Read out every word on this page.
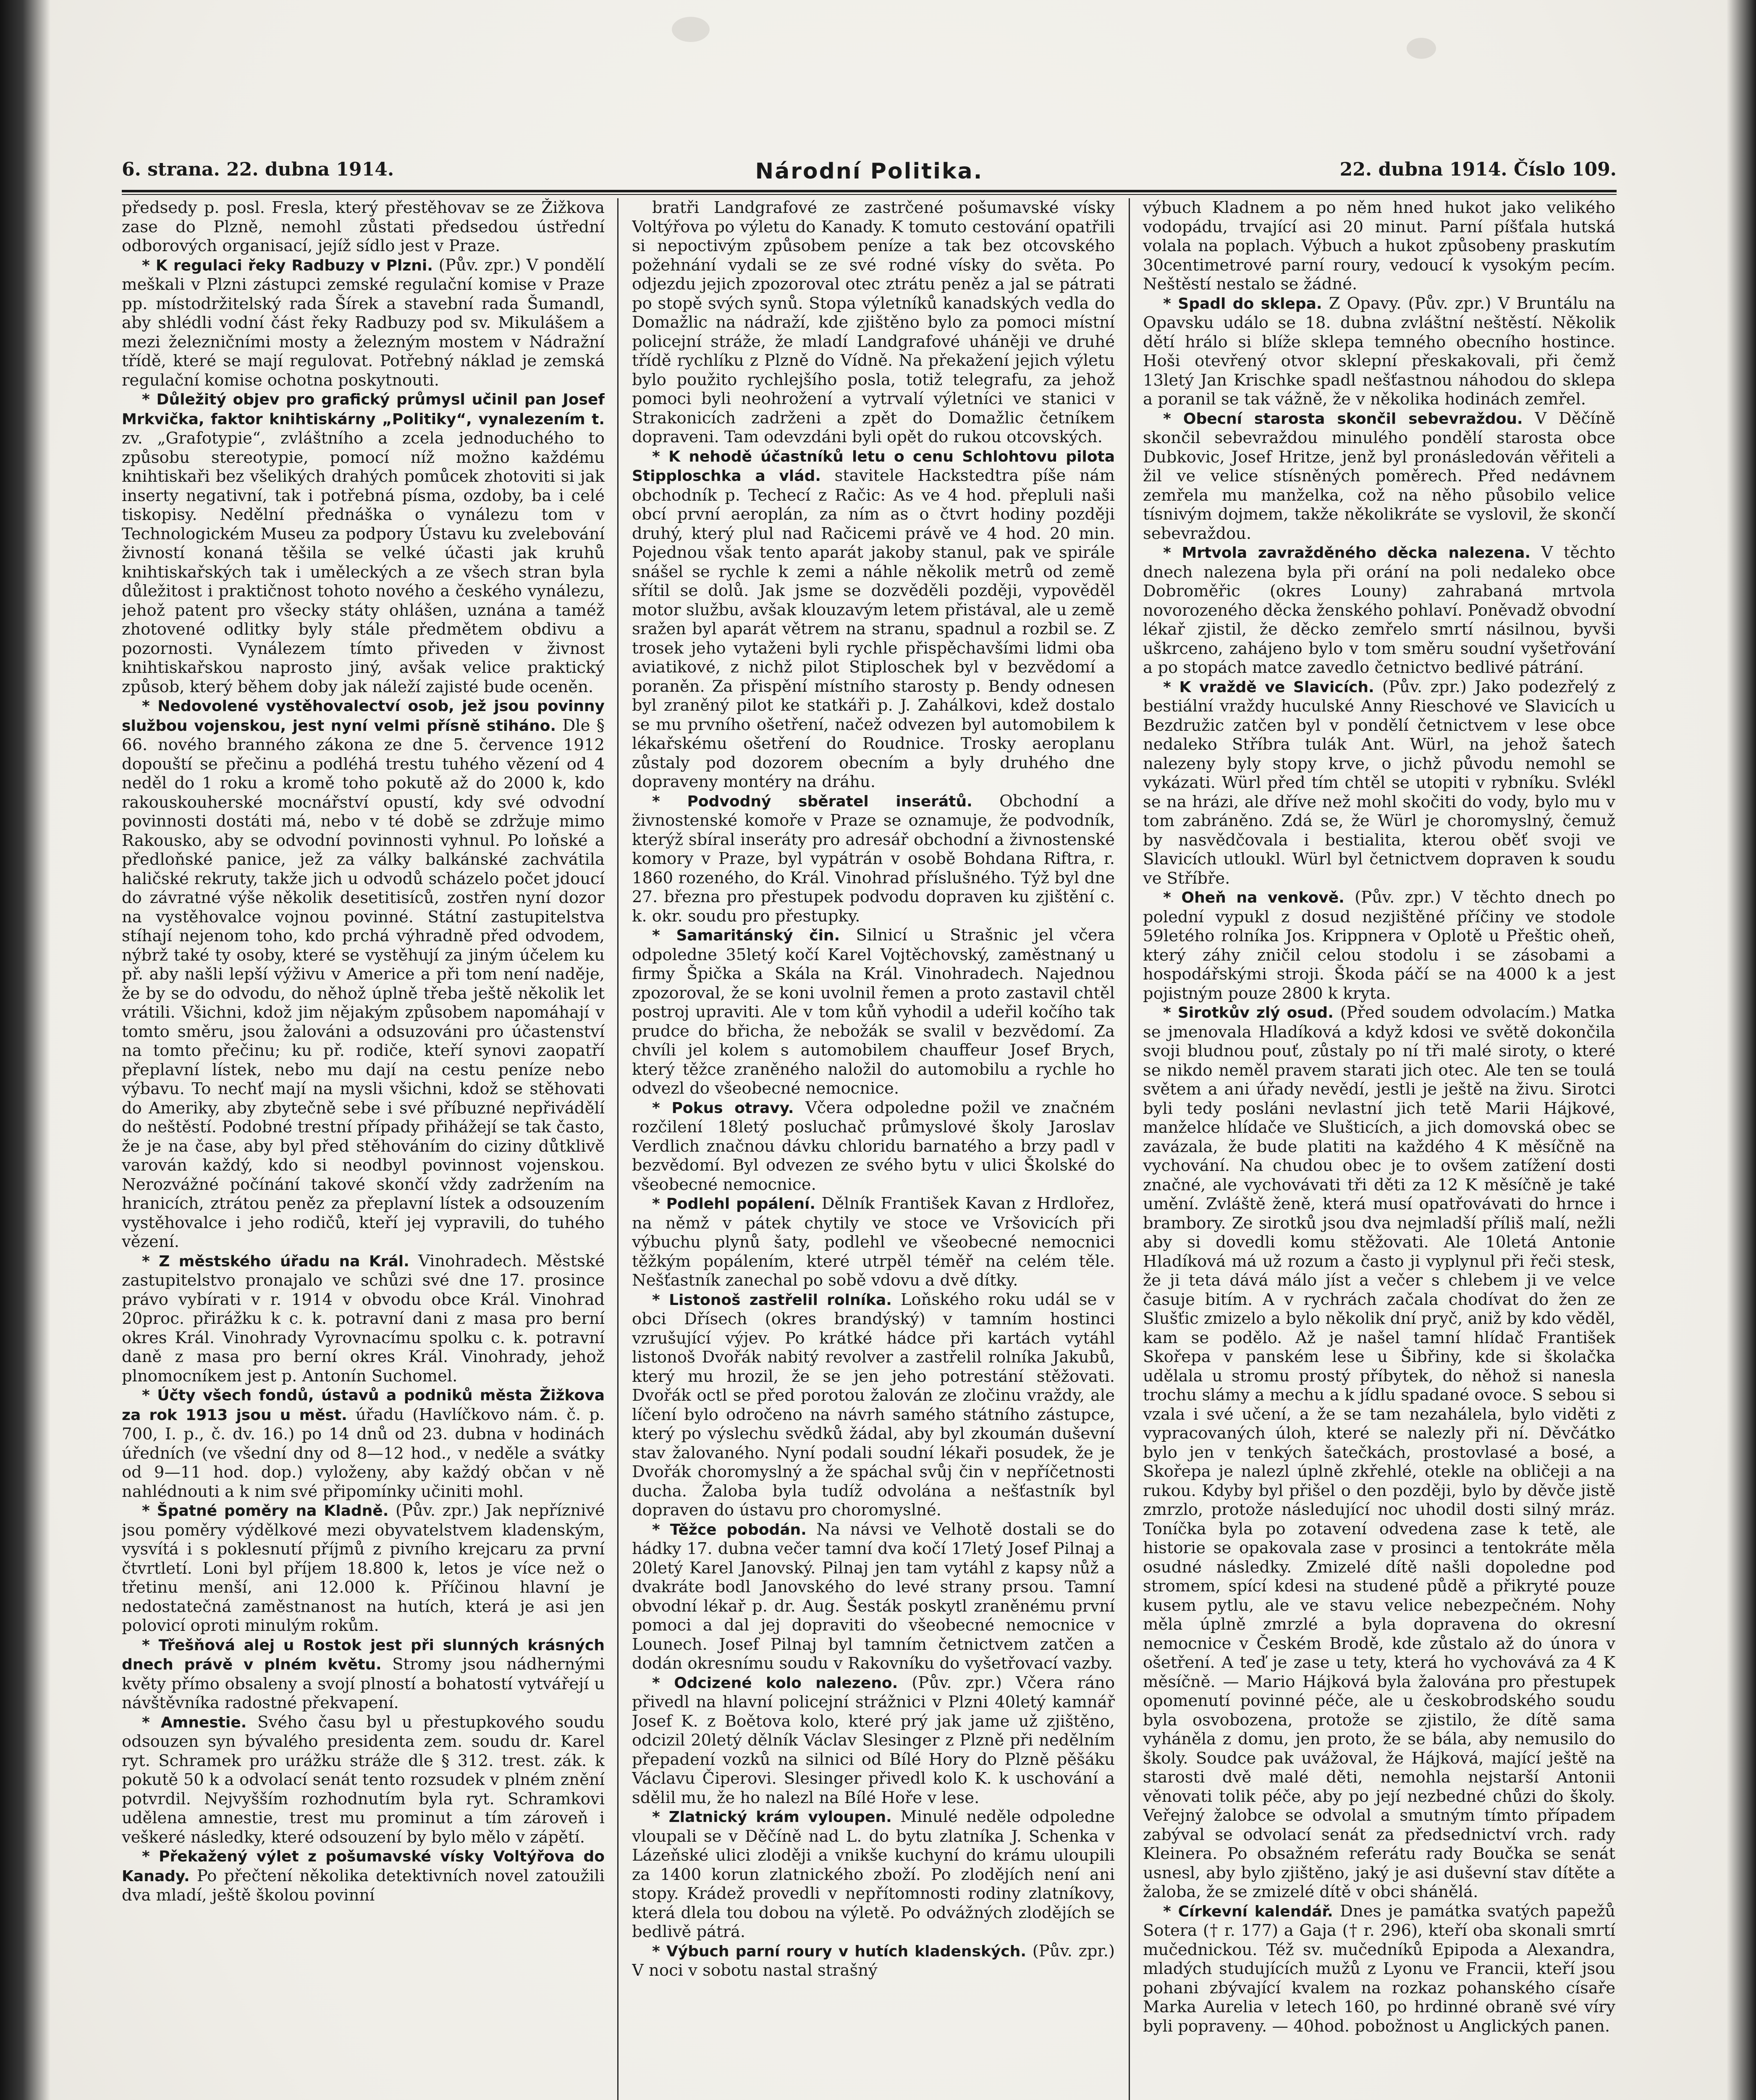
6. strana. 22. dubna 1914.	Národní Politika.	22. dubna 1914. Číslo 109.

předsedy p. posl. Fresla, který přestěhovav se ze Žižkova zase do Plzně, nemohl zůstati předsedou ústřední odborových organisací, jejíž sídlo jest v Praze.

* K regulaci řeky Radbuzy v Plzni. (Pův. zpr.) V pondělí meškali v Plzni zástupci zemské regulační komise v Praze pp. místodržitelský rada Šírek a stavební rada Šumandl, aby shlédli vodní část řeky Radbuzy pod sv. Mikulášem a mezi železničními mosty a železným mostem v Nádražní třídě, které se mají regulovat. Potřebný náklad je zemská regulační komise ochotna poskytnouti.

* Důležitý objev pro grafický průmysl učinil pan Josef Mrkvička, faktor knihtiskárny „Politiky“, vynalezením t. zv. „Grafotypie“, zvláštního a zcela jednoduchého to způsobu stereotypie, pomocí níž možno každému knihtiskaři bez všelikých drahých pomůcek zhotoviti si jak inserty negativní, tak i potřebná písma, ozdoby, ba i celé tiskopisy. Nedělní přednáška o vynálezu tom v Technologickém Museu za podpory Ústavu ku zvelebování živností konaná těšila se velké účasti jak kruhů knihtiskařských tak i uměleckých a ze všech stran byla důležitost i praktičnost tohoto nového a českého vynálezu, jehož patent pro všecky státy ohlášen, uznána a taméž zhotovené odlitky byly stále předmětem obdivu a pozornosti. Vynálezem tímto přiveden v živnost knihtiskařskou naprosto jiný, avšak velice praktický způsob, který během doby jak náleží zajisté bude oceněn.

* Nedovolené vystěhovalectví osob, jež jsou povinny službou vojenskou, jest nyní velmi přísně stiháno. Dle § 66. nového branného zákona ze dne 5. července 1912 dopouští se přečinu a podléhá trestu tuhého vězení od 4 neděl do 1 roku a kromě toho pokutě až do 2000 k, kdo rakouskouherské mocnářství opustí, kdy své odvodní povinnosti dostáti má, nebo v té době se zdržuje mimo Rakousko, aby se odvodní povinnosti vyhnul. Po loňské a předloňské panice, jež za války balkánské zachvátila haličské rekruty, takže jich u odvodů scházelo počet jdoucí do závratné výše několik desetitisíců, zostřen nyní dozor na vystěhovalce vojnou povinné. Státní zastupitelstva stíhají nejenom toho, kdo prchá výhradně před odvodem, nýbrž také ty osoby, které se vystěhují za jiným účelem ku př. aby našli lepší výživu v Americe a při tom není naděje, že by se do odvodu, do něhož úplně třeba ještě několik let vrátili. Všichni, kdož jim nějakým způsobem napomáhají v tomto směru, jsou žalováni a odsuzováni pro účastenství na tomto přečinu; ku př. rodiče, kteří synovi zaopatří přeplavní lístek, nebo mu dají na cestu peníze nebo výbavu. To nechť mají na mysli všichni, kdož se stěhovati do Ameriky, aby zbytečně sebe i své příbuzné nepřivádělí do neštěstí. Podobné trestní případy přihážejí se tak často, že je na čase, aby byl před stěhováním do ciziny důtklivě varován každý, kdo si neodbyl povinnost vojenskou. Nerozvážné počínání takové skončí vždy zadržením na hranicích, ztrátou peněz za přeplavní lístek a odsouzením vystěhovalce i jeho rodičů, kteří jej vypravili, do tuhého vězení.

* Z městského úřadu na Král. Vinohradech. Městské zastupitelstvo pronajalo ve schůzi své dne 17. prosince právo vybírati v r. 1914 v obvodu obce Král. Vinohrad 20proc. přirážku k c. k. potravní dani z masa pro berní okres Král. Vinohrady Vyrovnacímu spolku c. k. potravní daně z masa pro berní okres Král. Vinohrady, jehož plnomocníkem jest p. Antonín Suchomel.

* Účty všech fondů, ústavů a podniků města Žižkova za rok 1913 jsou u měst. úřadu (Havlíčkovo nám. č. p. 700, I. p., č. dv. 16.) po 14 dnů od 23. dubna v hodinách úředních (ve všední dny od 8—12 hod., v neděle a svátky od 9—11 hod. dop.) vyloženy, aby každý občan v ně nahlédnouti a k nim své připomínky učiniti mohl.

* Špatné poměry na Kladně. (Pův. zpr.) Jak nepříznivé jsou poměry výdělkové mezi obyvatelstvem kladenským, vysvítá i s poklesnutí příjmů z pivního krejcaru za první čtvrtletí. Loni byl příjem 18.800 k, letos je více než o třetinu menší, ani 12.000 k. Příčinou hlavní je nedostatečná zaměstnanost na hutích, která je asi jen polovicí oproti minulým rokům.

* Třešňová alej u Rostok jest při slunných krásných dnech právě v plném květu. Stromy jsou nádhernými květy přímo obsaleny a svojí plností a bohatostí vytvářejí u návštěvníka radostné překvapení.

* Amnestie. Svého času byl u přestupkového soudu odsouzen syn bývalého presidenta zem. soudu dr. Karel ryt. Schramek pro urážku stráže dle § 312. trest. zák. k pokutě 50 k a odvolací senát tento rozsudek v plném znění potvrdil. Nejvyšším rozhodnutím byla ryt. Schramkovi udělena amnestie, trest mu prominut a tím zároveň i veškeré následky, které odsouzení by bylo mělo v zápětí.

* Překažený výlet z pošumavské vísky Voltýřova do Kanady. Po přečtení několika detektivních novel zatoužili dva mladí, ještě školou povinní

bratři Landgrafové ze zastrčené pošumavské vísky Voltýřova po výletu do Kanady. K tomuto cestování opatřili si nepoctivým způsobem peníze a tak bez otcovského požehnání vydali se ze své rodné vísky do světa. Po odjezdu jejich zpozoroval otec ztrátu peněz a jal se pátrati po stopě svých synů. Stopa výletníků kanadských vedla do Domažlic na nádraží, kde zjištěno bylo za pomoci místní policejní stráže, že mladí Landgrafové uháněji ve druhé třídě rychlíku z Plzně do Vídně. Na překažení jejich výletu bylo použito rychlejšího posla, totiž telegrafu, za jehož pomoci byli neohrožení a vytrvalí výletníci ve stanici v Strakonicích zadrženi a zpět do Domažlic četníkem dopraveni. Tam odevzdáni byli opět do rukou otcovských.

* K nehodě účastníků letu o cenu Schlohtovu pilota Stipploschka a vlád. stavitele Hackstedtra píše nám obchodník p. Techecí z Račic: As ve 4 hod. přepluli naši obcí první aeroplán, za ním as o čtvrt hodiny později druhý, který plul nad Račicemi právě ve 4 hod. 20 min. Pojednou však tento aparát jakoby stanul, pak ve spirále snášel se rychle k zemi a náhle několik metrů od země sřítil se dolů. Jak jsme se dozvěděli později, vypověděl motor službu, avšak klouzavým letem přistával, ale u země sražen byl aparát větrem na stranu, spadnul a rozbil se. Z trosek jeho vytaženi byli rychle přispěchavšími lidmi oba aviatikové, z nichž pilot Stiploschek byl v bezvědomí a poraněn. Za přispění místního starosty p. Bendy odnesen byl zraněný pilot ke statkáři p. J. Zahálkovi, kdež dostalo se mu prvního ošetření, načež odvezen byl automobilem k lékařskému ošetření do Roudnice. Trosky aeroplanu zůstaly pod dozorem obecním a byly druhého dne dopraveny montéry na dráhu.

* Podvodný sběratel inserátů. Obchodní a živnostenské komoře v Praze se oznamuje, že podvodník, kterýž sbíral inseráty pro adresář obchodní a živnostenské komory v Praze, byl vypátrán v osobě Bohdana Riftra, r. 1860 rozeného, do Král. Vinohrad příslušného. Týž byl dne 27. března pro přestupek podvodu dopraven ku zjištění c. k. okr. soudu pro přestupky.

* Samaritánský čin. Silnicí u Strašnic jel včera odpoledne 35letý kočí Karel Vojtěchovský, zaměstnaný u firmy Špička a Skála na Král. Vinohradech. Najednou zpozoroval, že se koni uvolnil řemen a proto zastavil chtěl postroj upraviti. Ale v tom kůň vyhodil a udeřil kočího tak prudce do břicha, že nebožák se svalil v bezvědomí. Za chvíli jel kolem s automobilem chauffeur Josef Brych, který těžce zraněného naložil do automobilu a rychle ho odvezl do všeobecné nemocnice.

* Pokus otravy. Včera odpoledne požil ve značném rozčilení 18letý posluchač průmyslové školy Jaroslav Verdlich značnou dávku chloridu barnatého a brzy padl v bezvědomí. Byl odvezen ze svého bytu v ulici Školské do všeobecné nemocnice.

* Podlehl popálení. Dělník František Kavan z Hrdlořez, na němž v pátek chytily ve stoce ve Vršovicích při výbuchu plynů šaty, podlehl ve všeobecné nemocnici těžkým popálením, které utrpěl téměř na celém těle. Nešťastník zanechal po sobě vdovu a dvě dítky.

* Listonoš zastřelil rolníka. Loňského roku udál se v obci Dřísech (okres brandýský) v tamním hostinci vzrušující výjev. Po krátké hádce při kartách vytáhl listonoš Dvořák nabitý revolver a zastřelil rolníka Jakubů, který mu hrozil, že se jen jeho potrestání stěžovati. Dvořák octl se před porotou žalován ze zločinu vraždy, ale líčení bylo odročeno na návrh samého státního zástupce, který po výslechu svědků žádal, aby byl zkoumán duševní stav žalovaného. Nyní podali soudní lékaři posudek, že je Dvořák choromyslný a že spáchal svůj čin v nepříčetnosti ducha. Žaloba byla tudíž odvolána a nešťastník byl dopraven do ústavu pro choromyslné.

* Těžce pobodán. Na návsi ve Velhotě dostali se do hádky 17. dubna večer tamní dva kočí 17letý Josef Pilnaj a 20letý Karel Janovský. Pilnaj jen tam vytáhl z kapsy nůž a dvakráte bodl Janovského do levé strany prsou. Tamní obvodní lékař p. dr. Aug. Šesták poskytl zraněnému první pomoci a dal jej dopraviti do všeobecné nemocnice v Lounech. Josef Pilnaj byl tamním četnictvem zatčen a dodán okresnímu soudu v Rakovníku do vyšetřovací vazby.

* Odcizené kolo nalezeno. (Pův. zpr.) Včera ráno přivedl na hlavní policejní strážnici v Plzni 40letý kamnář Josef K. z Boětova kolo, které prý jak jame už zjištěno, odcizil 20letý dělník Václav Slesinger z Plzně při nedělním přepadení vozků na silnici od Bílé Hory do Plzně pěšáku Václavu Čiperovi. Slesinger přivedl kolo K. k uschování a sdělil mu, že ho nalezl na Bílé Hoře v lese.

* Zlatnický krám vyloupen. Minulé neděle odpoledne vloupali se v Děčíně nad L. do bytu zlatníka J. Schenka v Lázeňské ulici zloději a vnikše kuchyní do krámu uloupili za 1400 korun zlatnického zboží. Po zlodějích není ani stopy. Krádež provedli v nepřítomnosti rodiny zlatníkovy, která dlela tou dobou na výletě. Po odvážných zlodějích se bedlivě pátrá.

* Výbuch parní roury v hutích kladenských. (Pův. zpr.) V noci v sobotu nastal strašný

výbuch Kladnem a po něm hned hukot jako velikého vodopádu, trvající asi 20 minut. Parní píšťala hutská volala na poplach. Výbuch a hukot způsobeny praskutím 30centimetrové parní roury, vedoucí k vysokým pecím. Neštěstí nestalo se žádné.

* Spadl do sklepa. Z Opavy. (Pův. zpr.) V Bruntálu na Opavsku událo se 18. dubna zvláštní neštěstí. Několik dětí hrálo si blíže sklepa temného obecního hostince. Hoši otevřený otvor sklepní přeskakovali, při čemž 13letý Jan Krischke spadl nešťastnou náhodou do sklepa a poranil se tak vážně, že v několika hodinách zemřel.

* Obecní starosta skončil sebevraždou. V Děčíně skončil sebevraždou minulého pondělí starosta obce Dubkovic, Josef Hritze, jenž byl pronásledován věřiteli a žil ve velice stísněných poměrech. Před nedávnem zemřela mu manželka, což na něho působilo velice tísnivým dojmem, takže několikráte se vyslovil, že skončí sebevraždou.

* Mrtvola zavražděného děcka nalezena. V těchto dnech nalezena byla při orání na poli nedaleko obce Dobroměřic (okres Louny) zahrabaná mrtvola novorozeného děcka ženského pohlaví. Poněvadž obvodní lékař zjistil, že děcko zemřelo smrtí násilnou, byvši uškrceno, zahájeno bylo v tom směru soudní vyšetřování a po stopách matce zavedlo četnictvo bedlivé pátrání.

* K vraždě ve Slavicích. (Pův. zpr.) Jako podezřelý z bestiální vraždy huculské Anny Rieschové ve Slavicích u Bezdružic zatčen byl v pondělí četnictvem v lese obce nedaleko Stříbra tulák Ant. Würl, na jehož šatech nalezeny byly stopy krve, o jichž původu nemohl se vykázati. Würl před tím chtěl se utopiti v rybníku. Svlékl se na hrázi, ale dříve než mohl skočiti do vody, bylo mu v tom zabráněno. Zdá se, že Würl je choromyslný, čemuž by nasvědčovala i bestialita, kterou oběť svoji ve Slavicích utloukl. Würl byl četnictvem dopraven k soudu ve Stříbře.

* Oheň na venkově. (Pův. zpr.) V těchto dnech po polední vypukl z dosud nezjištěné příčiny ve stodole 59letého rolníka Jos. Krippnera v Oplotě u Přeštic oheň, který záhy zničil celou stodolu i se zásobami a hospodářskými stroji. Škoda páčí se na 4000 k a jest pojistným pouze 2800 k kryta.

* Sirotkův zlý osud. (Před soudem odvolacím.) Matka se jmenovala Hladíková a když kdosi ve světě dokončila svoji bludnou pouť, zůstaly po ní tři malé siroty, o které se nikdo neměl pravem starati jich otec. Ale ten se toulá světem a ani úřady nevědí, jestli je ještě na živu. Sirotci byli tedy posláni nevlastní jich tetě Marii Hájkové, manželce hlídače ve Slušticích, a jich domovská obec se zavázala, že bude platiti na každého 4 K měsíčně na vychování. Na chudou obec je to ovšem zatížení dosti značné, ale vychovávati tři děti za 12 K měsíčně je také umění. Zvláště ženě, která musí opatřovávati do hrnce i brambory. Ze sirotků jsou dva nejmladší příliš malí, nežli aby si dovedli komu stěžovati. Ale 10letá Antonie Hladíková má už rozum a často ji vyplynul při řeči stesk, že ji teta dává málo jíst a večer s chlebem ji ve velce časuje bitím. A v rychrách začala chodívat do žen ze Slušťic zmizelo a bylo několik dní pryč, aniž by kdo věděl, kam se podělo. Až je našel tamní hlídač František Skořepa v panském lese u Šibřiny, kde si školačka udělala u stromu prostý příbytek, do něhož si nanesla trochu slámy a mechu a k jídlu spadané ovoce. S sebou si vzala i své učení, a že se tam nezahálela, bylo viděti z vypracovaných úloh, které se nalezly při ní. Děvčátko bylo jen v tenkých šatečkách, prostovlasé a bosé, a Skořepa je nalezl úplně zkřehlé, otekle na obličeji a na rukou. Kdyby byl přišel o den později, bylo by děvče jistě zmrzlo, protože následující noc uhodil dosti silný mráz. Toníčka byla po zotavení odvedena zase k tetě, ale historie se opakovala zase v prosinci a tentokráte měla osudné následky. Zmizelé dítě našli dopoledne pod stromem, spící kdesi na studené půdě a přikryté pouze kusem pytlu, ale ve stavu velice nebezpečném. Nohy měla úplně zmrzlé a byla dopravena do okresní nemocnice v Českém Brodě, kde zůstalo až do února v ošetření. A teď je zase u tety, která ho vychovává za 4 K měsíčně. — Mario Hájková byla žalována pro přestupek opomenutí povinné péče, ale u českobrodského soudu byla osvobozena, protože se zjistilo, že dítě sama vyháněla z domu, jen proto, že se bála, aby nemusilo do školy. Soudce pak uvážoval, že Hájková, mající ještě na starosti dvě malé děti, nemohla nejstarší Antonii věnovati tolik péče, aby po její nezbedné chůzi do školy. Veřejný žalobce se odvolal a smutným tímto případem zabýval se odvolací senát za předsednictví vrch. rady Kleinera. Po obsažném referátu rady Boučka se senát usnesl, aby bylo zjištěno, jaký je asi duševní stav dítěte a žaloba, že se zmizelé dítě v obci shánělá.

* Církevní kalendář. Dnes je památka svatých papežů Sotera († r. 177) a Gaja († r. 296), kteří oba skonali smrtí mučednickou. Též sv. mučedníků Epipoda a Alexandra, mladých studujících mužů z Lyonu ve Francii, kteří jsou pohani zbývající kvalem na rozkaz pohanského císaře Marka Aurelia v letech 160, po hrdinné obraně své víry byli popraveny. — 40hod. pobožnost u Anglických panen.
